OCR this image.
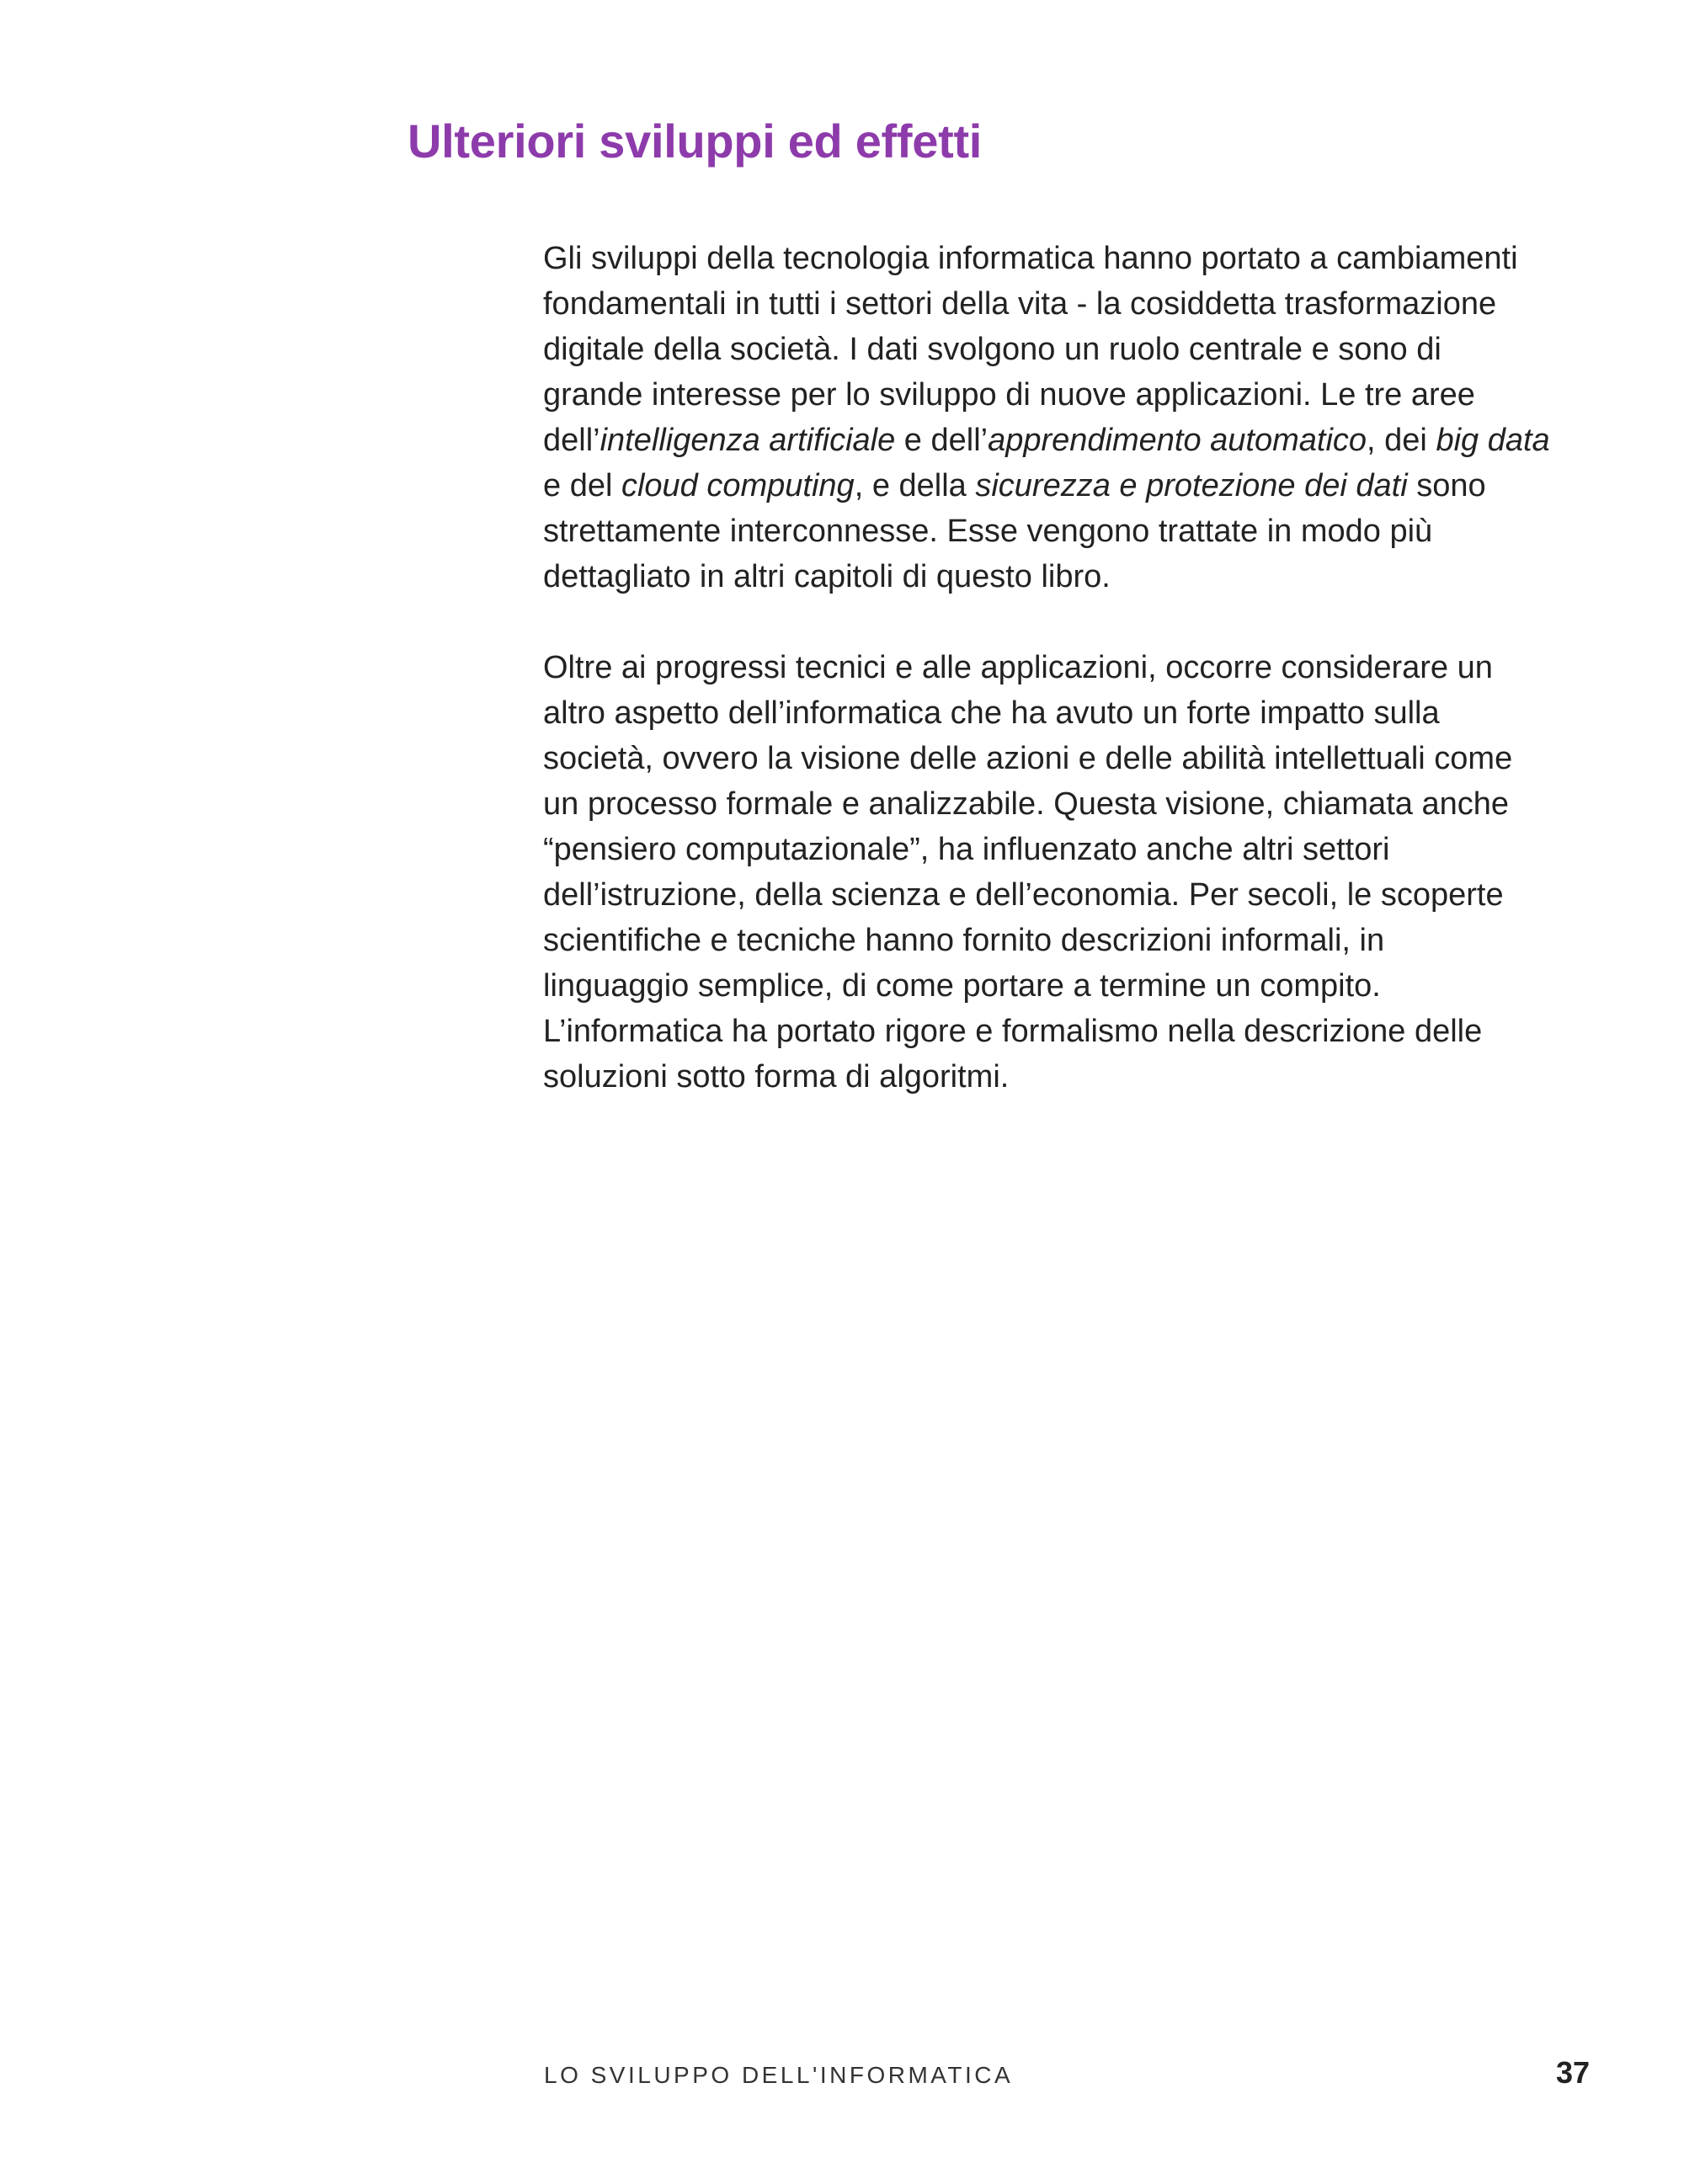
Ulteriori sviluppi ed effetti

Gli sviluppi della tecnologia informatica hanno portato a cambiamenti
fondamentali in tutti i settori della vita - la cosiddetta trasformazione
digitale della società. I dati svolgono un ruolo centrale e sono di
grande interesse per lo sviluppo di nuove applicazioni. Le tre aree
dell’intelligenza artificiale e dell’apprendimento automatico, dei big data
e del cloud computing, e della sicurezza e protezione dei dati sono
strettamente interconnesse. Esse vengono trattate in modo più
dettagliato in altri capitoli di questo libro.

Oltre ai progressi tecnici e alle applicazioni, occorre considerare un
altro aspetto dell’informatica che ha avuto un forte impatto sulla
società, ovvero la visione delle azioni e delle abilità intellettuali come
un processo formale e analizzabile. Questa visione, chiamata anche
“pensiero computazionale”, ha influenzato anche altri settori
dell’istruzione, della scienza e dell’economia. Per secoli, le scoperte
scientifiche e tecniche hanno fornito descrizioni informali, in
linguaggio semplice, di come portare a termine un compito.
L’informatica ha portato rigore e formalismo nella descrizione delle
soluzioni sotto forma di algoritmi.

LO SVILUPPO DELL'INFORMATICA	37
